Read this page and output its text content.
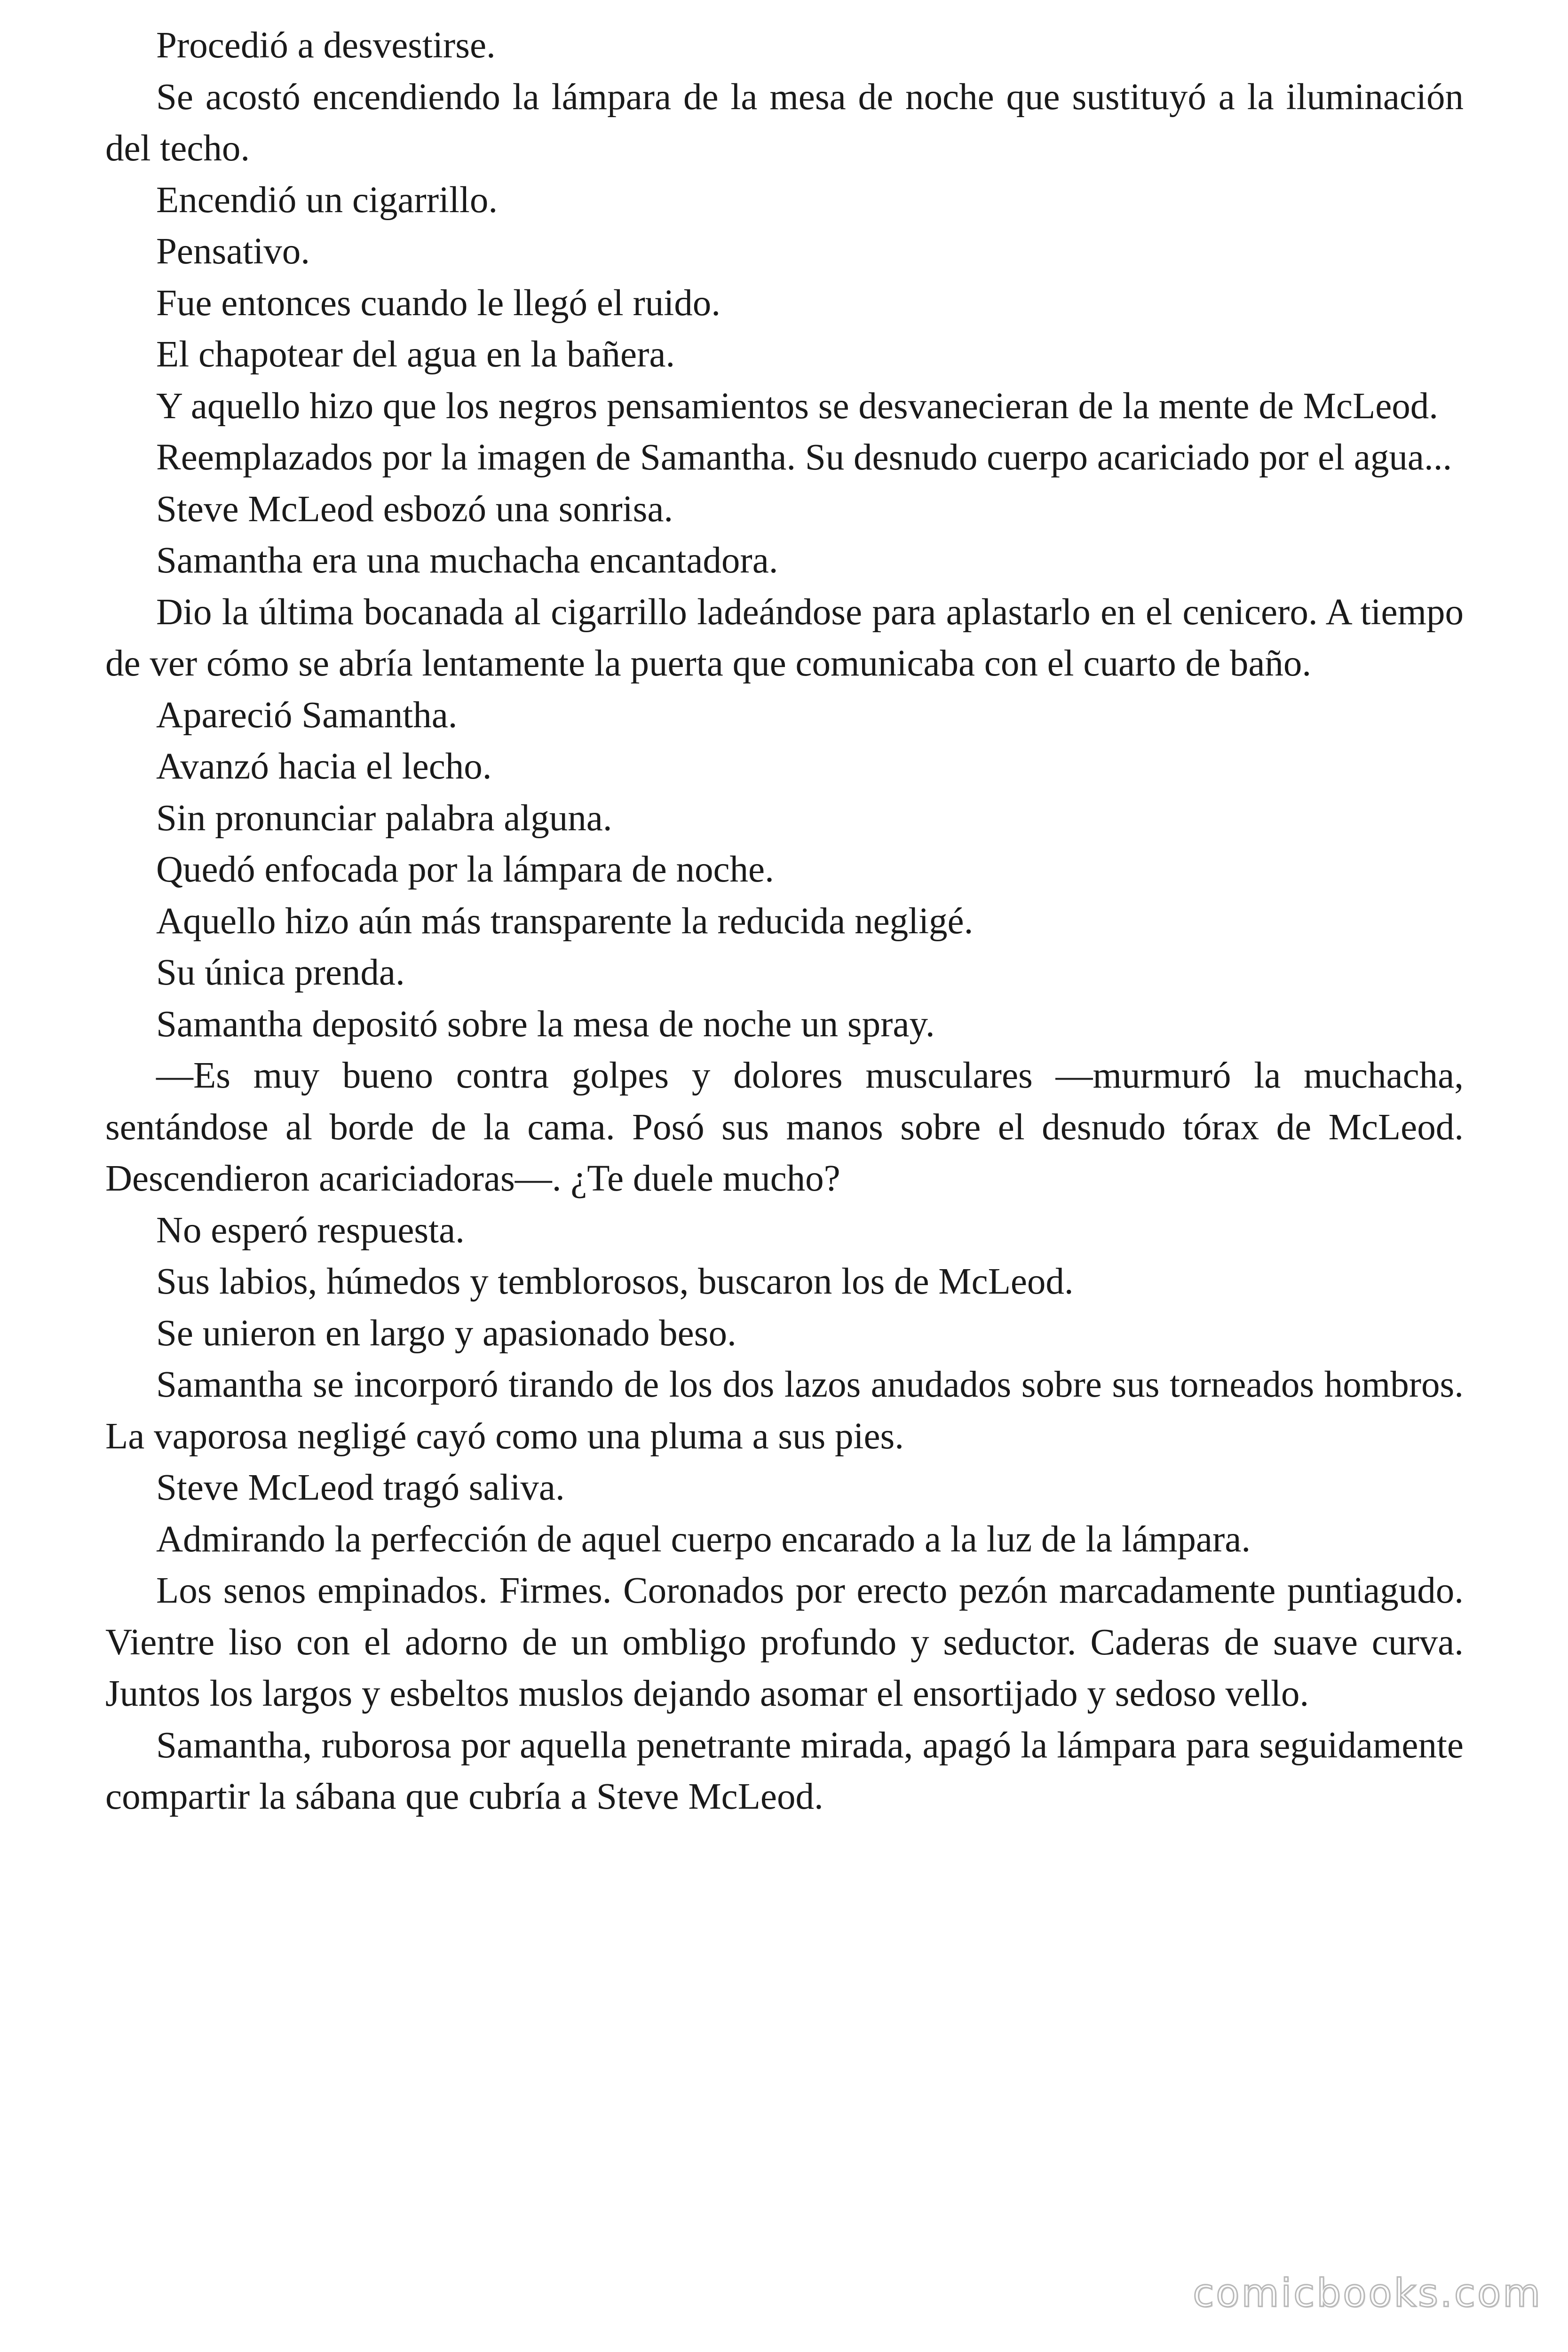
Procedió a desvestirse.

Se acostó encendiendo la lámpara de la mesa de noche que sustituyó a la iluminación del techo.

Encendió un cigarrillo.

Pensativo.

Fue entonces cuando le llegó el ruido.

El chapotear del agua en la bañera.

Y aquello hizo que los negros pensamientos se desvanecieran de la mente de McLeod.

Reemplazados por la imagen de Samantha. Su desnudo cuerpo acariciado por el agua...

Steve McLeod esbozó una sonrisa.

Samantha era una muchacha encantadora.

Dio la última bocanada al cigarrillo ladeándose para aplastarlo en el cenicero. A tiempo de ver cómo se abría lentamente la puerta que comunicaba con el cuarto de baño.

Apareció Samantha.

Avanzó hacia el lecho.

Sin pronunciar palabra alguna.

Quedó enfocada por la lámpara de noche.

Aquello hizo aún más transparente la reducida negligé.

Su única prenda.

Samantha depositó sobre la mesa de noche un spray.

—Es muy bueno contra golpes y dolores musculares —murmuró la muchacha, sentándose al borde de la cama. Posó sus manos sobre el desnudo tórax de McLeod. Descendieron acariciadoras—. ¿Te duele mucho?

No esperó respuesta.

Sus labios, húmedos y temblorosos, buscaron los de McLeod.

Se unieron en largo y apasionado beso.

Samantha se incorporó tirando de los dos lazos anudados sobre sus torneados hombros. La vaporosa negligé cayó como una pluma a sus pies.

Steve McLeod tragó saliva.

Admirando la perfección de aquel cuerpo encarado a la luz de la lámpara.

Los senos empinados. Firmes. Coronados por erecto pezón marcadamente puntiagudo. Vientre liso con el adorno de un ombligo profundo y seductor. Caderas de suave curva. Juntos los largos y esbeltos muslos dejando asomar el ensortijado y sedoso vello.

Samantha, ruborosa por aquella penetrante mirada, apagó la lámpara para seguidamente compartir la sábana que cubría a Steve McLeod.

comicbooks.com
